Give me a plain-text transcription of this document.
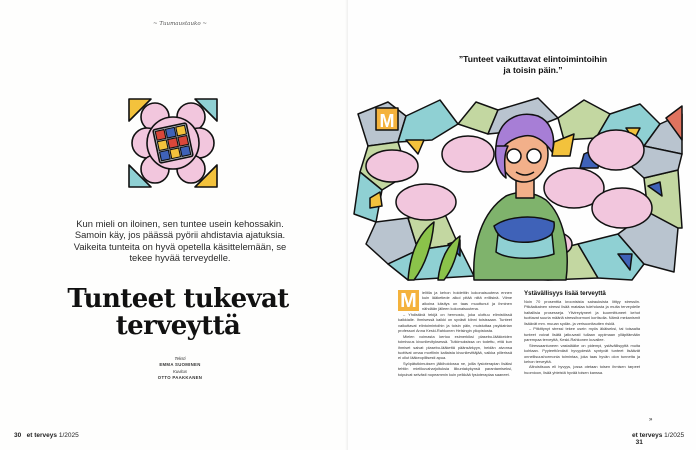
~ Tuumaustauko ~
Kun mieli on iloinen, sen tuntee usein kehossakin. Samoin käy, jos päässä pyörii ahdistavia ajatuksia. Vaikeita tunteita on hyvä opetella käsittelemään, se tekee hyvää terveydelle.
Tunteet tukevat terveyttä
Teksti
EMMA SUOMINEN
Kuvitus
OTTO PAAKKANEN
30 et terveys 1/2025
”Tunteet vaikuttavat elintoimintoihin ja toisin päin.”
M
M	ielitila ja kehon hoidettiin kokonaisuutena ennen kuin lääketiede alkoi pitää niitä erillisinä. Viime aikoina käsitys on taas muuttunut ja ihminen nähdään jälleen kokonaisuutena.

– Yhdistävä tekijä on hermosto, joka ulottuu elimistössä kaikkialle. Ihmisessä kaikki on syvästi kiinni toisissaan. Tunteet vaikuttavat elintoimintoihin ja toisin päin, muistuttaa psykiatrian professori Anna Keski-Rahkonen Helsingin yliopistosta.

Mielen voimasta kertoo esimerkiksi plasebo-lääkkeiden toimivuus kivunlievityksessä. Tutkimuksissa on todettu, että kun ihmiset saivat plasebo-lääkettä päänsärkyyn, heidän aivonsa tuottivat omaa morfiinin kaltaista kivunlievittäjää, vaikka pillerissä ei ollut lääkeopillisesti apua.

Syöpätutkimuksen jälkihoidossa ne, joilla fysioterapian lisäksi tehtiin mielikuvaharjoituksia liikuntakykynsä parantamiseksi, toipuivat selvästi nopeammin kuin pelkkää fysioterapiaa saaneet.

Ystävällisyys lisää terveyttä

Noin 70 prosenttia kroonisista sairauksista liittyy stressiin. Pitkäaikainen stressi lisää matalaa tulehdusta ja muita terveydelle haitallisia prosesseja. Ylivireytyneet ja kuormittuneet kehot tuottavat suuria määriä stressihormoni kortisolia. Nämä mekanismit lisäävät mm. muuan sydän- ja verisuonitautien riskiä.

– Pitkittynyt stressi tekee usein myös äkäiseksi, tai toisaalta tunteet voivat lisätä jatkuvasti tullaan oppimaan ylläpitämään parempaa terveyttä, Keski-Rahkonen kuvailee.

Stressaantuneen vastalääke on pidempi, ystävällisyyttä muita kohtaan. Pyyteettömästi hyvyydestä syntyvät tunteet lisäävät onnellisuushormonia toimintaa, joka taas hyvän olon tunnetta ja kehon terveyttä.

Altruistisuus eli hyvyys, jossa otetaan toisen ihmisen tarpeet huomioon, lisää yhteistä hyvää toisen kanssa.

»
et terveys 1/2025   31
